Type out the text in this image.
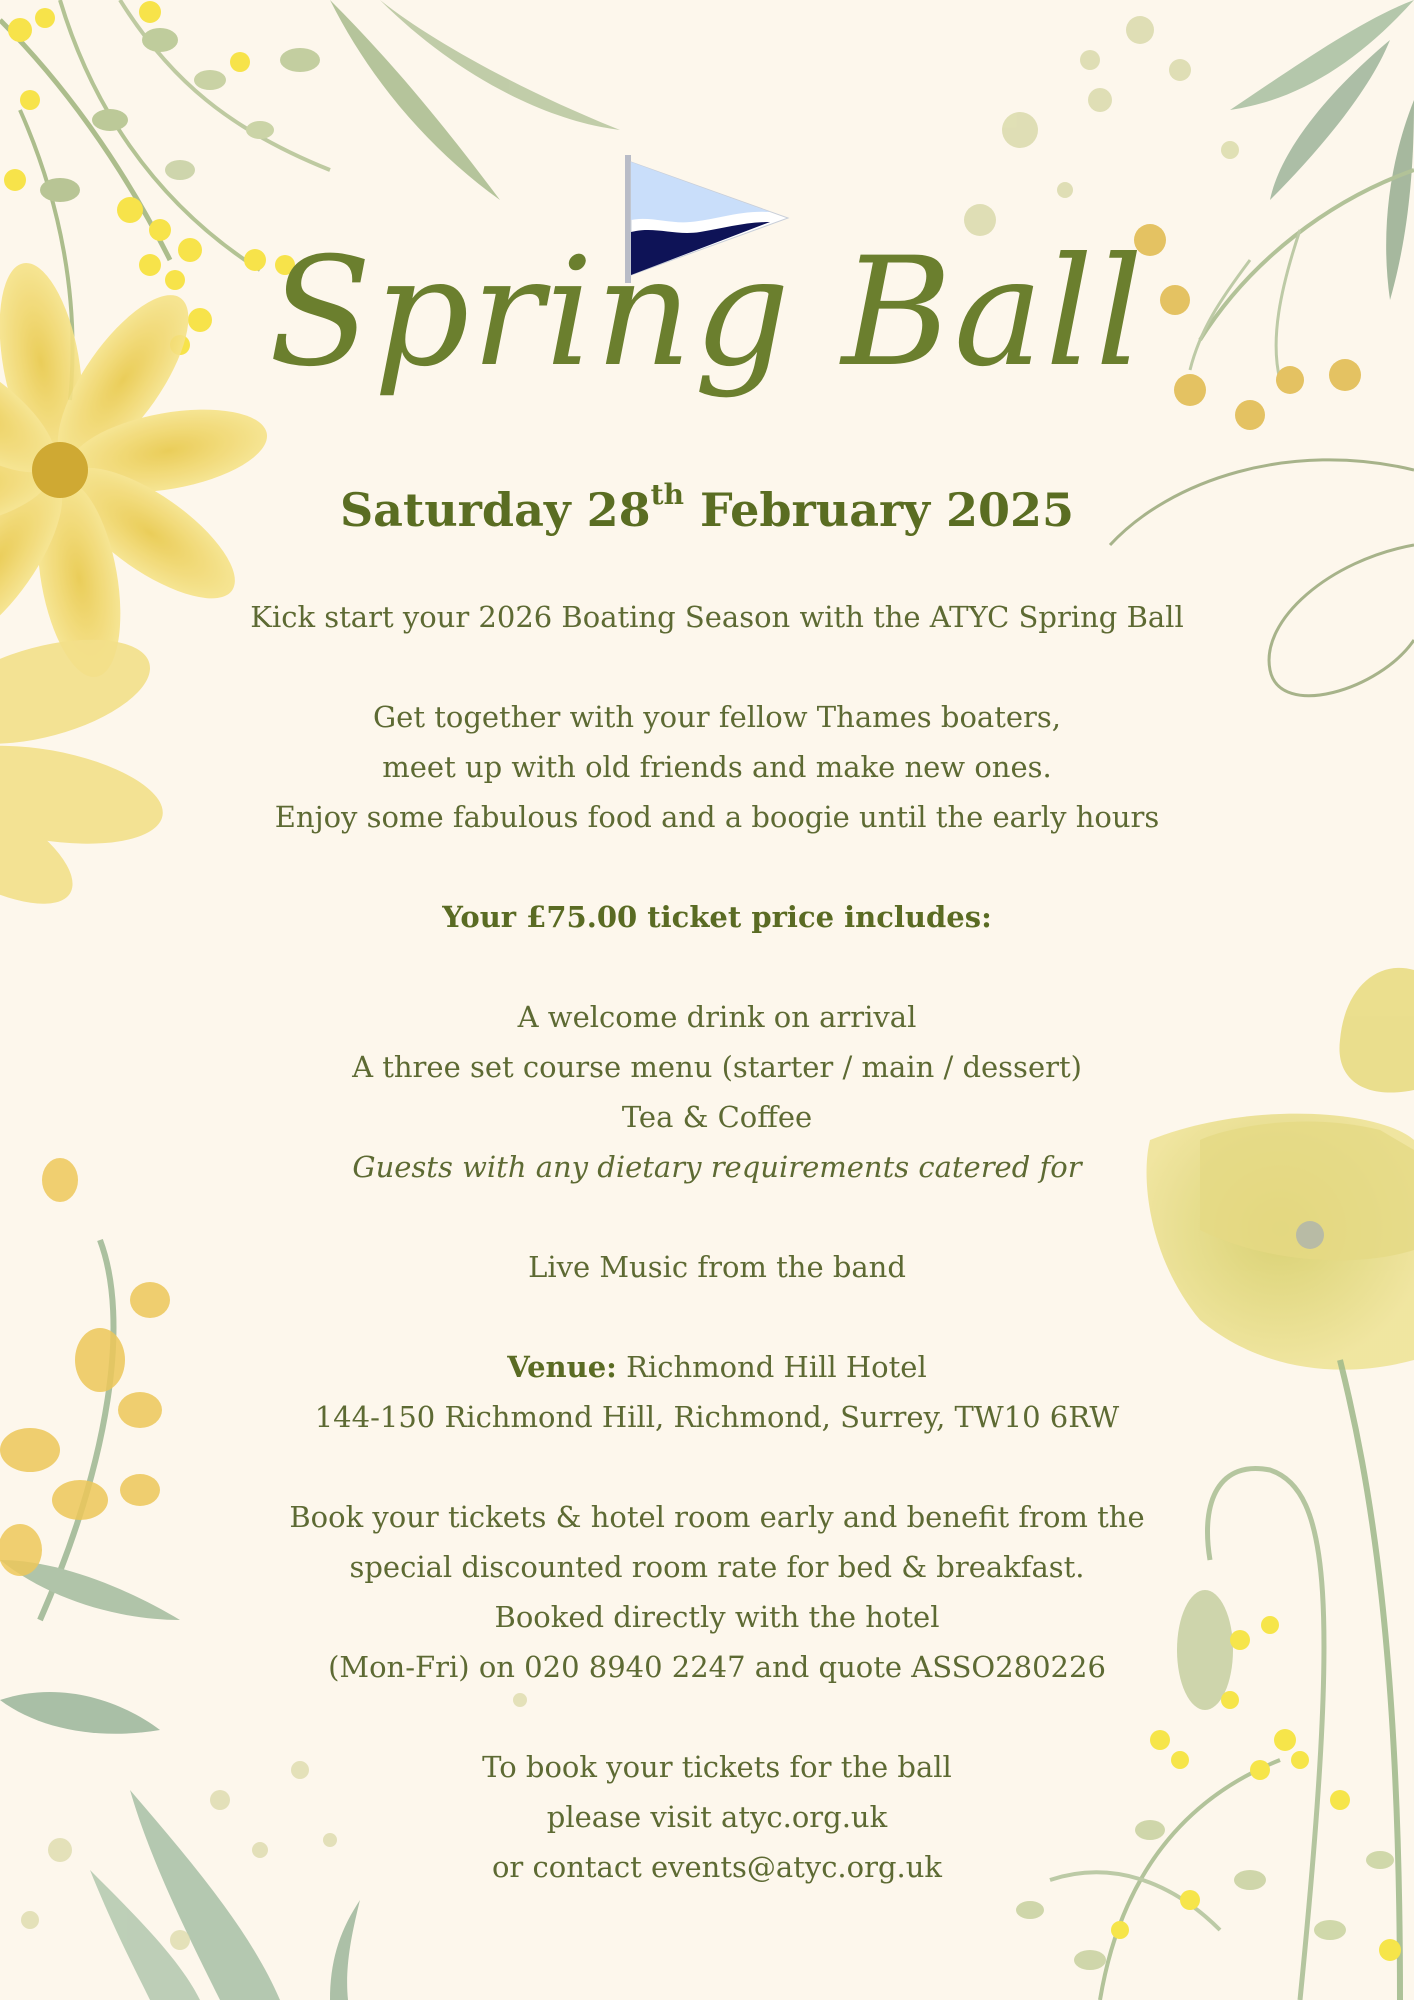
Spring Ball
Saturday 28th February 2025

Kick start your 2026 Boating Season with the ATYC Spring Ball

Get together with your fellow Thames boaters,

meet up with old friends and make new ones.

Enjoy some fabulous food and a boogie until the early hours

Your £75.00 ticket price includes:

A welcome drink on arrival

A three set course menu (starter / main / dessert)

Tea & Coffee

Guests with any dietary requirements catered for

Live Music from the band

Venue: Richmond Hill Hotel

144-150 Richmond Hill, Richmond, Surrey, TW10 6RW

Book your tickets & hotel room early and benefit from the

special discounted room rate for bed & breakfast.

Booked directly with the hotel

(Mon-Fri) on 020 8940 2247 and quote ASSO280226

To book your tickets for the ball

please visit atyc.org.uk

or contact events@atyc.org.uk
